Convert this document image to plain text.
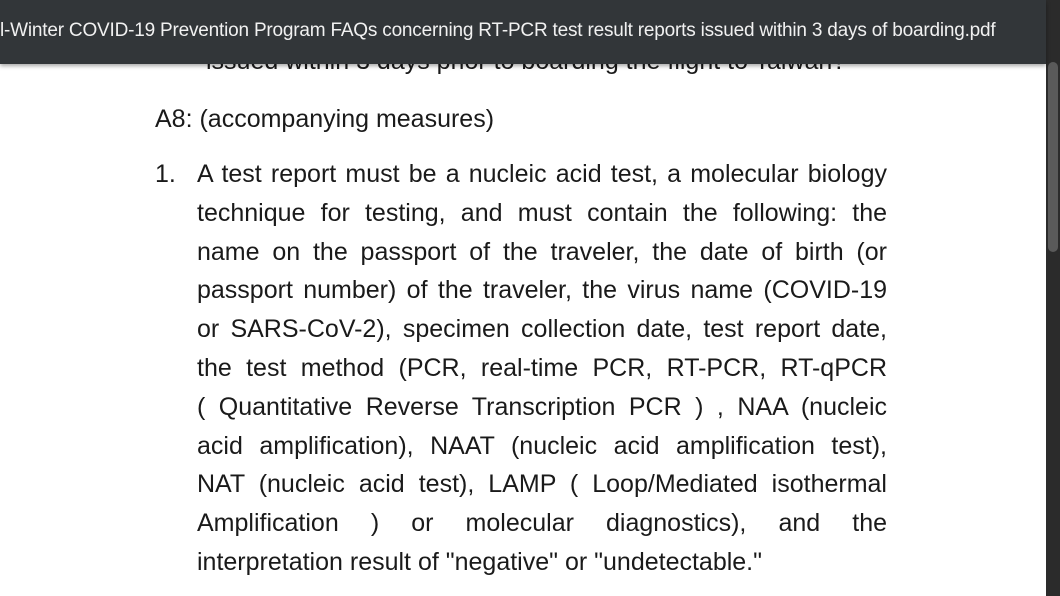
A8: (accompanying measures)
1. A test report must be a nucleic acid test, a molecular biology
technique for testing, and must contain the following: the
name on the passport of the traveler, the date of birth (or
passport number) of the traveler, the virus name (COVID-19
or SARS-CoV-2), specimen collection date, test report date,
the test method (PCR, real-time PCR, RT-PCR, RT-qPCR
( Quantitative Reverse Transcription PCR ) , NAA (nucleic
acid amplification), NAAT (nucleic acid amplification test),
NAT (nucleic acid test), LAMP ( Loop/Mediated isothermal
Amplification ) or molecular diagnostics), and the
interpretation result of "negative" or "undetectable."
l-Winter COVID-19 Prevention Program FAQs concerning RT-PCR test result reports issued within 3 days of boarding.pdf
